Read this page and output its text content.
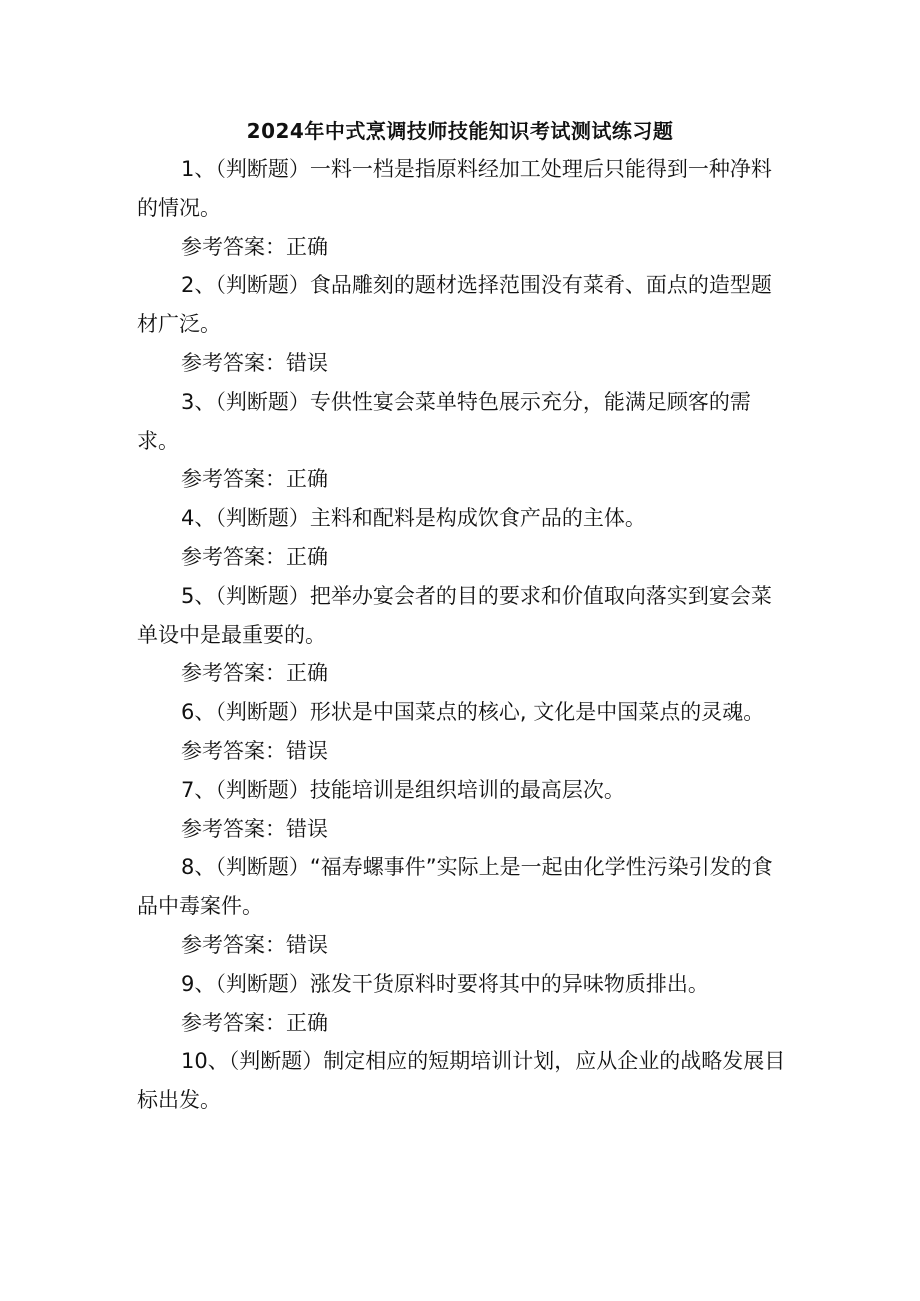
2024年中式烹调技师技能知识考试测试练习题

1、（判断题）一料一档是指原料经加工处理后只能得到一种净料的情况。

参考答案：正确

2、（判断题）食品雕刻的题材选择范围没有菜肴、面点的造型题材广泛。

参考答案：错误

3、（判断题）专供性宴会菜单特色展示充分，能满足顾客的需求。

参考答案：正确

4、（判断题）主料和配料是构成饮食产品的主体。

参考答案：正确

5、（判断题）把举办宴会者的目的要求和价值取向落实到宴会菜单设中是最重要的。

参考答案：正确

6、（判断题）形状是中国菜点的核心, 文化是中国菜点的灵魂。

参考答案：错误

7、（判断题）技能培训是组织培训的最高层次。

参考答案：错误

8、（判断题）“福寿螺事件”实际上是一起由化学性污染引发的食品中毒案件。

参考答案：错误

9、（判断题）涨发干货原料时要将其中的异味物质排出。

参考答案：正确

10、（判断题）制定相应的短期培训计划，应从企业的战略发展目标出发。
